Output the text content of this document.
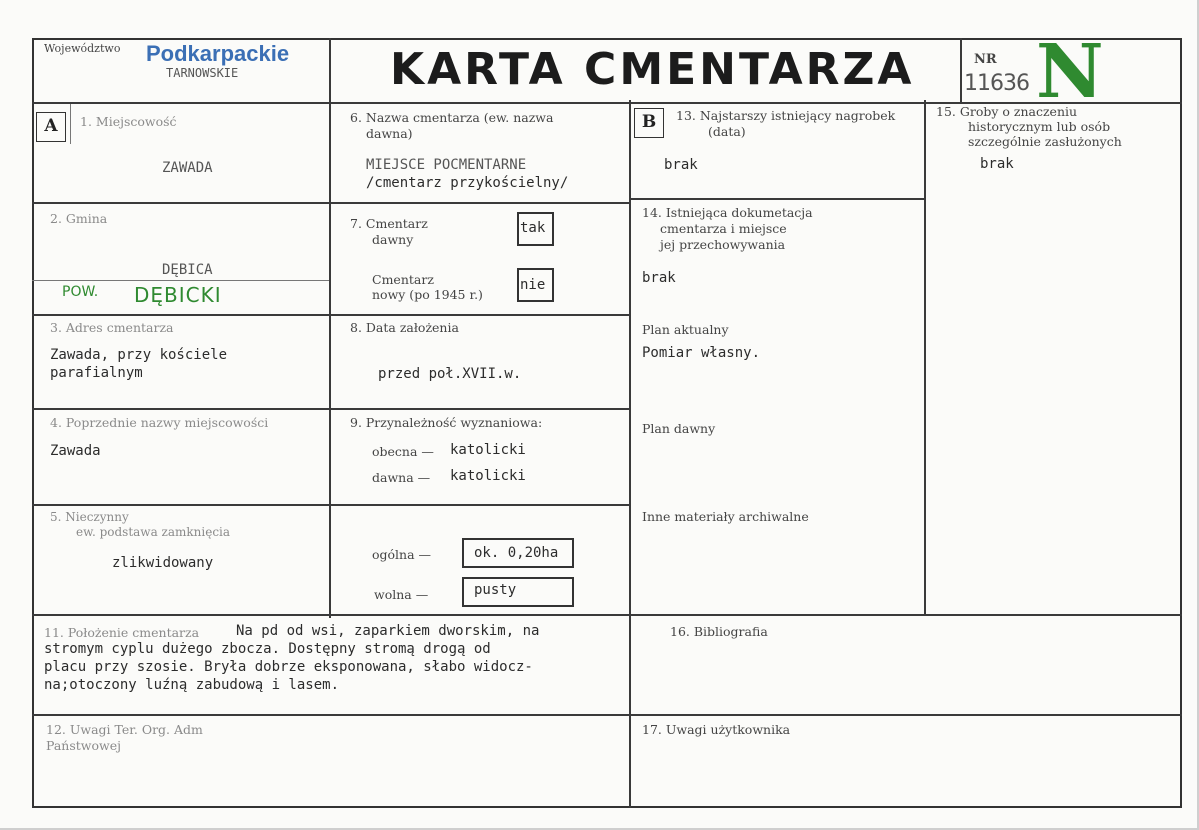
Województwo Podkarpackie
TARNOWSKIE	KARTA CMENTARZA	NR
11636 N
A	1. Miejscowość
ZAWADA
2. Gmina
DĘBICA
POW. DĘBICKI
3. Adres cmentarza
Zawada, przy kościele
parafialnym
4. Poprzednie nazwy miejscowości
Zawada
5. Nieczynny
ew. podstawa zamknięcia
zlikwidowany
6. Nazwa cmentarza (ew. nazwa
dawna)
MIEJSCE POCMENTARNE
/cmentarz przykościelny/
7. Cmentarz
dawny
tak
Cmentarz
nowy (po 1945 r.)
nie
8. Data założenia
przed poł.XVII.w.
9. Przynależność wyznaniowa:
obecna — katolicki
dawna — katolicki
ogólna —	ok. 0,20ha
wolna —	pusty
B	13. Najstarszy istniejący nagrobek
(data)
brak
14. Istniejąca dokumetacja
cmentarza i miejsce
jej przechowywania
brak
Plan aktualny
Pomiar własny.
Plan dawny
Inne materiały archiwalne
15. Groby o znaczeniu
historycznym lub osób
szczególnie zasłużonych
brak
11. Położenie cmentarza	Na pd od wsi, zaparkiem dworskim, na
stromym cyplu dużego zbocza. Dostępny stromą drogą od
placu przy szosie. Bryła dobrze eksponowana, słabo widocz-
na;otoczony luźną zabudową i lasem.
16. Bibliografia
12. Uwagi Ter. Org. Adm
Państwowej
17. Uwagi użytkownika
